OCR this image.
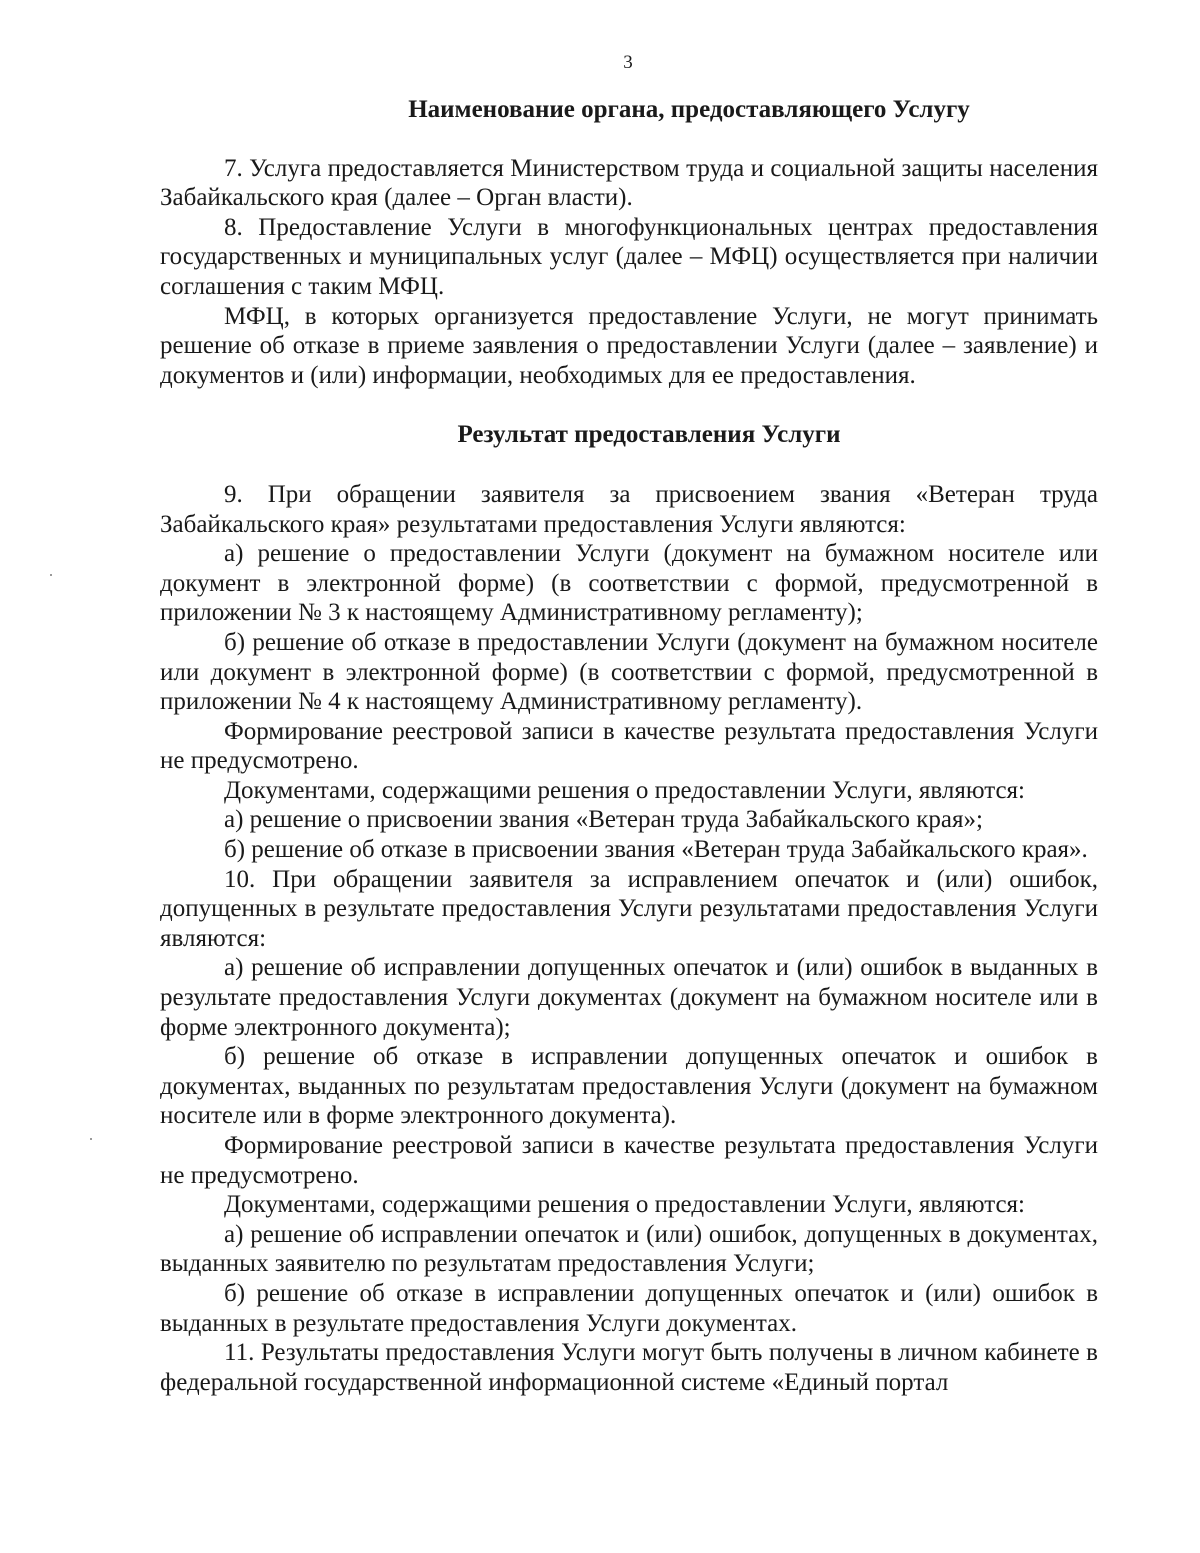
3
Наименование органа, предоставляющего Услугу

7. Услуга предоставляется Министерством труда и социальной защиты населения Забайкальского края (далее – Орган власти).

8. Предоставление Услуги в многофункциональных центрах предоставления государственных и муниципальных услуг (далее – МФЦ) осуществляется при наличии соглашения с таким МФЦ.

МФЦ, в которых организуется предоставление Услуги, не могут принимать решение об отказе в приеме заявления о предоставлении Услуги (далее – заявление) и документов и (или) информации, необходимых для ее предоставления.

Результат предоставления Услуги

9. При обращении заявителя за присвоением звания «Ветеран труда Забайкальского края» результатами предоставления Услуги являются:

а) решение о предоставлении Услуги (документ на бумажном носителе или документ в электронной форме) (в соответствии с формой, предусмотренной в приложении № 3 к настоящему Административному регламенту);

б) решение об отказе в предоставлении Услуги (документ на бумажном носителе или документ в электронной форме) (в соответствии с формой, предусмотренной в приложении № 4 к настоящему Административному регламенту).

Формирование реестровой записи в качестве результата предоставления Услуги не предусмотрено.

Документами, содержащими решения о предоставлении Услуги, являются:

а) решение о присвоении звания «Ветеран труда Забайкальского края»;

б) решение об отказе в присвоении звания «Ветеран труда Забайкальского края».

10. При обращении заявителя за исправлением опечаток и (или) ошибок, допущенных в результате предоставления Услуги результатами предоставления Услуги являются:

а) решение об исправлении допущенных опечаток и (или) ошибок в выданных в результате предоставления Услуги документах (документ на бумажном носителе или в форме электронного документа);

б) решение об отказе в исправлении допущенных опечаток и ошибок в документах, выданных по результатам предоставления Услуги (документ на бумажном носителе или в форме электронного документа).

Формирование реестровой записи в качестве результата предоставления Услуги не предусмотрено.

Документами, содержащими решения о предоставлении Услуги, являются:

а) решение об исправлении опечаток и (или) ошибок, допущенных в документах, выданных заявителю по результатам предоставления Услуги;

б) решение об отказе в исправлении допущенных опечаток и (или) ошибок в выданных в результате предоставления Услуги документах.

11. Результаты предоставления Услуги могут быть получены в личном кабинете в федеральной государственной информационной системе «Единый портал
